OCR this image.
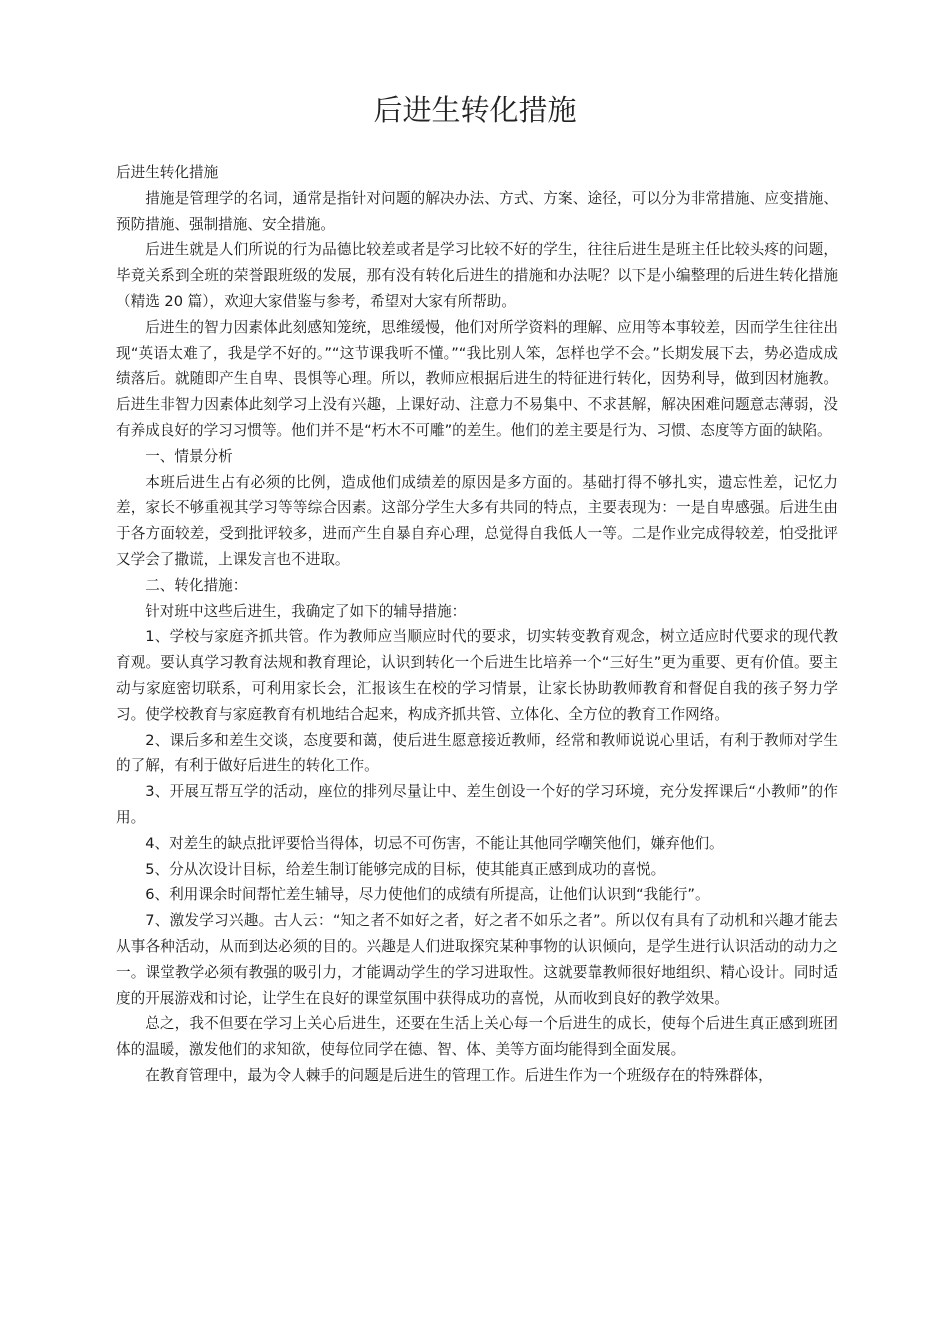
后进生转化措施

后进生转化措施

措施是管理学的名词，通常是指针对问题的解决办法、方式、方案、途径，可以分为非常措施、应变措施、预防措施、强制措施、安全措施。

后进生就是人们所说的行为品德比较差或者是学习比较不好的学生，往往后进生是班主任比较头疼的问题，毕竟关系到全班的荣誉跟班级的发展，那有没有转化后进生的措施和办法呢？以下是小编整理的后进生转化措施（精选 20 篇），欢迎大家借鉴与参考，希望对大家有所帮助。

后进生的智力因素体此刻感知笼统，思维缓慢，他们对所学资料的理解、应用等本事较差，因而学生往往出现“英语太难了，我是学不好的。”“这节课我听不懂。”“我比别人笨，怎样也学不会。”长期发展下去，势必造成成绩落后。就随即产生自卑、畏惧等心理。所以，教师应根据后进生的特征进行转化，因势利导，做到因材施教。后进生非智力因素体此刻学习上没有兴趣，上课好动、注意力不易集中、不求甚解，解决困难问题意志薄弱，没有养成良好的学习习惯等。他们并不是“朽木不可雕”的差生。他们的差主要是行为、习惯、态度等方面的缺陷。

一、情景分析

本班后进生占有必须的比例，造成他们成绩差的原因是多方面的。基础打得不够扎实，遗忘性差，记忆力差，家长不够重视其学习等等综合因素。这部分学生大多有共同的特点，主要表现为：一是自卑感强。后进生由于各方面较差，受到批评较多，进而产生自暴自弃心理，总觉得自我低人一等。二是作业完成得较差，怕受批评又学会了撒谎，上课发言也不进取。

二、转化措施：

针对班中这些后进生，我确定了如下的辅导措施：

1、学校与家庭齐抓共管。作为教师应当顺应时代的要求，切实转变教育观念，树立适应时代要求的现代教育观。要认真学习教育法规和教育理论，认识到转化一个后进生比培养一个“三好生”更为重要、更有价值。要主动与家庭密切联系，可利用家长会，汇报该生在校的学习情景，让家长协助教师教育和督促自我的孩子努力学习。使学校教育与家庭教育有机地结合起来，构成齐抓共管、立体化、全方位的教育工作网络。

2、课后多和差生交谈，态度要和蔼，使后进生愿意接近教师，经常和教师说说心里话，有利于教师对学生的了解，有利于做好后进生的转化工作。

3、开展互帮互学的活动，座位的排列尽量让中、差生创设一个好的学习环境，充分发挥课后“小教师”的作用。

4、对差生的缺点批评要恰当得体，切忌不可伤害，不能让其他同学嘲笑他们，嫌弃他们。

5、分从次设计目标，给差生制订能够完成的目标，使其能真正感到成功的喜悦。

6、利用课余时间帮忙差生辅导，尽力使他们的成绩有所提高，让他们认识到“我能行”。

7、激发学习兴趣。古人云：“知之者不如好之者，好之者不如乐之者”。所以仅有具有了动机和兴趣才能去从事各种活动，从而到达必须的目的。兴趣是人们进取探究某种事物的认识倾向，是学生进行认识活动的动力之一。课堂教学必须有教强的吸引力，才能调动学生的学习进取性。这就要靠教师很好地组织、精心设计。同时适度的开展游戏和讨论，让学生在良好的课堂氛围中获得成功的喜悦，从而收到良好的教学效果。

总之，我不但要在学习上关心后进生，还要在生活上关心每一个后进生的成长，使每个后进生真正感到班团体的温暖，激发他们的求知欲，使每位同学在德、智、体、美等方面均能得到全面发展。

在教育管理中，最为令人棘手的问题是后进生的管理工作。后进生作为一个班级存在的特殊群体，
